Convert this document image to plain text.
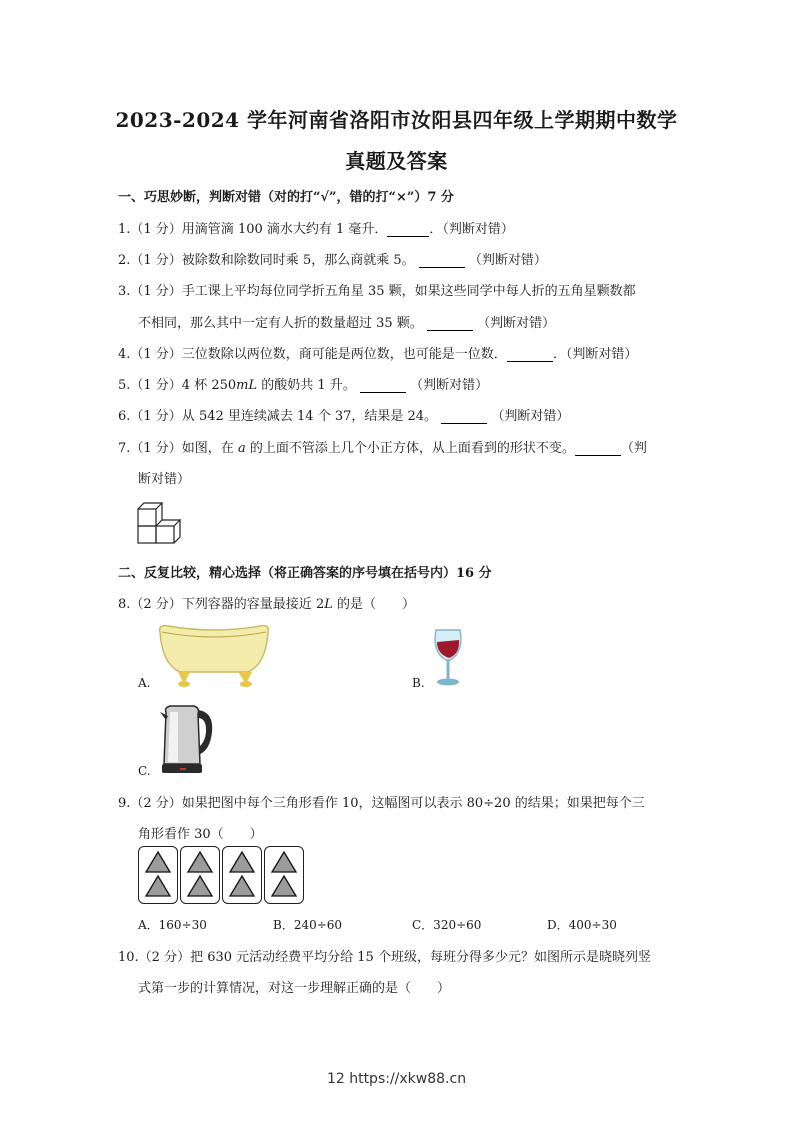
2023-2024 学年河南省洛阳市汝阳县四年级上学期期中数学
真题及答案
一、巧思妙断，判断对错（对的打“√”，错的打“×”）7 分
1.（1 分）用滴管滴 100 滴水大约有 1 毫升．	．（判断对错）
2.（1 分）被除数和除数同时乘 5，那么商就乘 5。	（判断对错）
3.（1 分）手工课上平均每位同学折五角星 35 颗，如果这些同学中每人折的五角星颗数都
不相同，那么其中一定有人折的数量超过 35 颗。	（判断对错）
4.（1 分）三位数除以两位数，商可能是两位数，也可能是一位数．	．（判断对错）
5.（1 分）4 杯 250mL 的酸奶共 1 升。	（判断对错）
6.（1 分）从 542 里连续减去 14 个 37，结果是 24。	（判断对错）
7.（1 分）如图，在 a 的上面不管添上几个小正方体，从上面看到的形状不变。	（判
断对错）
二、反复比较，精心选择（将正确答案的序号填在括号内）16 分
8.（2 分）下列容器的容量最接近 2L 的是（　　）
A.	B.
C.
9.（2 分）如果把图中每个三角形看作 10，这幅图可以表示 80÷20 的结果；如果把每个三
角形看作 30（　　）
A．160÷30	B．240÷60	C．320÷60	D．400÷30
10.（2 分）把 630 元活动经费平均分给 15 个班级，每班分得多少元？如图所示是晓晓列竖
式第一步的计算情况，对这一步理解正确的是（　　）
12 https://xkw88.cn
